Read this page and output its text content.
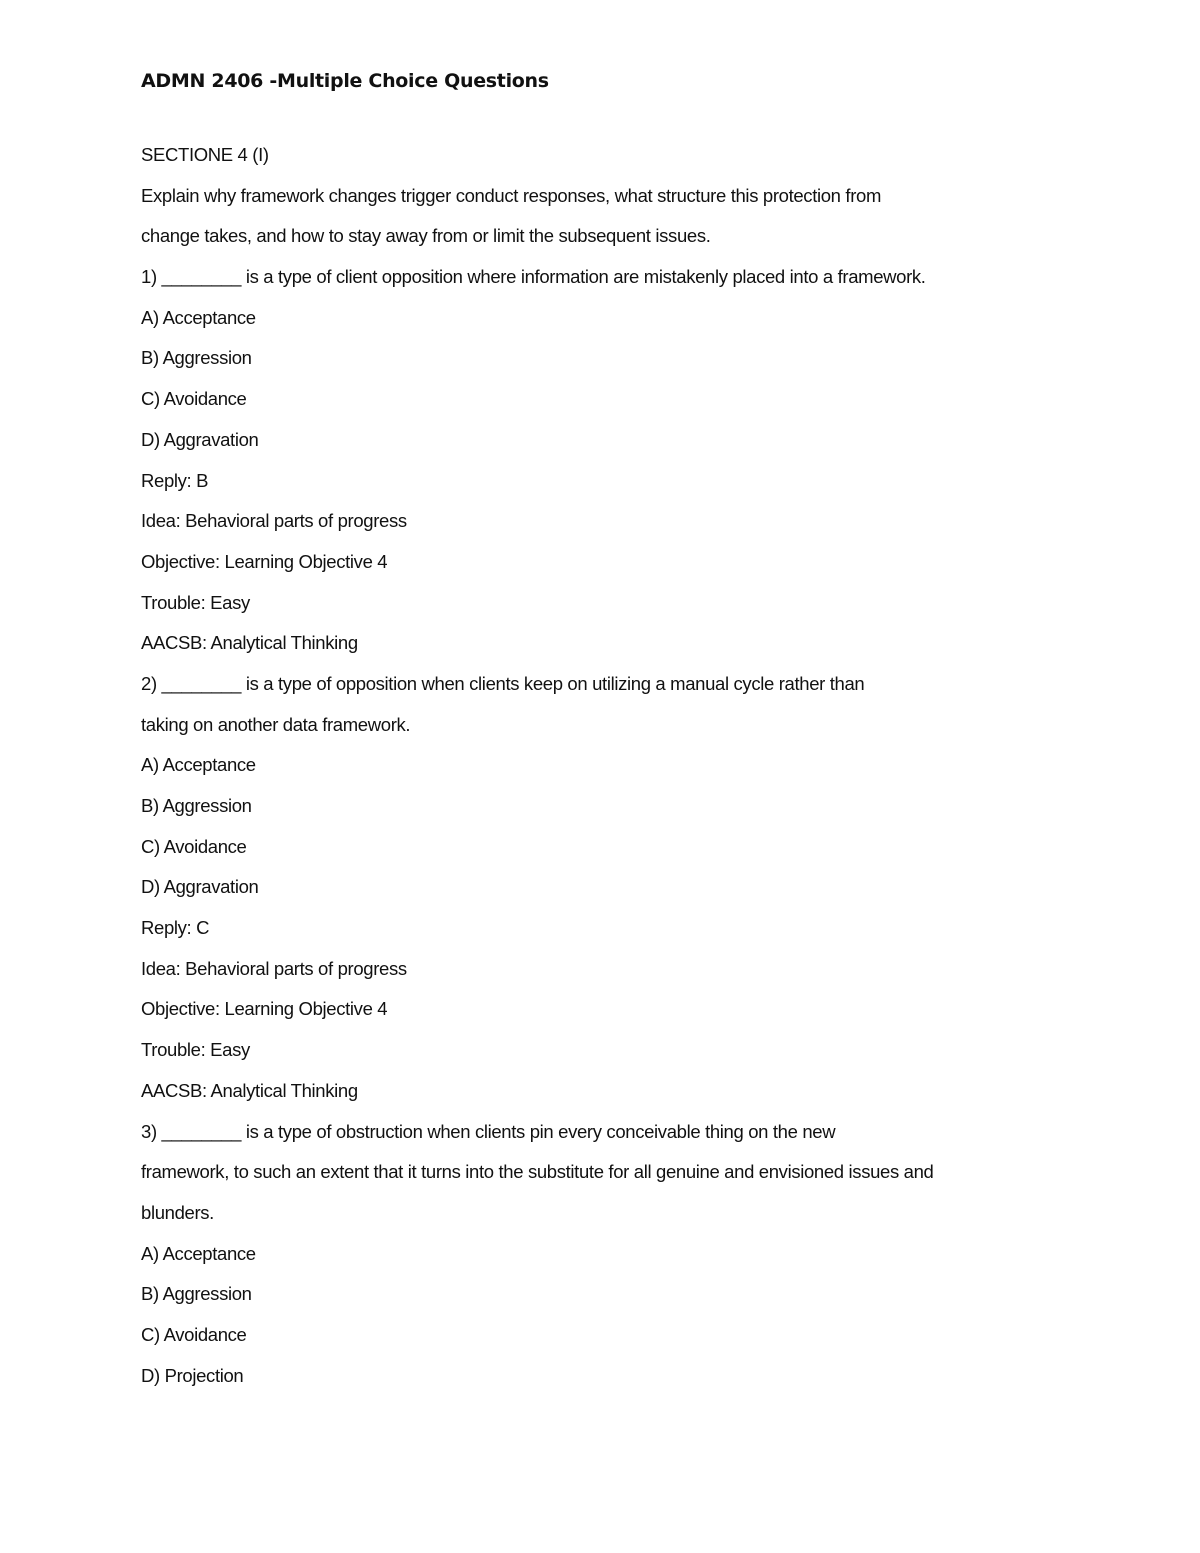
ADMN 2406 -Multiple Choice Questions
SECTIONE 4 (I)
Explain why framework changes trigger conduct responses, what structure this protection from
change takes, and how to stay away from or limit the subsequent issues.
1) ________ is a type of client opposition where information are mistakenly placed into a framework.
A) Acceptance
B) Aggression
C) Avoidance
D) Aggravation
Reply: B
Idea: Behavioral parts of progress
Objective: Learning Objective 4
Trouble: Easy
AACSB: Analytical Thinking
2) ________ is a type of opposition when clients keep on utilizing a manual cycle rather than
taking on another data framework.
A) Acceptance
B) Aggression
C) Avoidance
D) Aggravation
Reply: C
Idea: Behavioral parts of progress
Objective: Learning Objective 4
Trouble: Easy
AACSB: Analytical Thinking
3) ________ is a type of obstruction when clients pin every conceivable thing on the new
framework, to such an extent that it turns into the substitute for all genuine and envisioned issues and
blunders.
A) Acceptance
B) Aggression
C) Avoidance
D) Projection
